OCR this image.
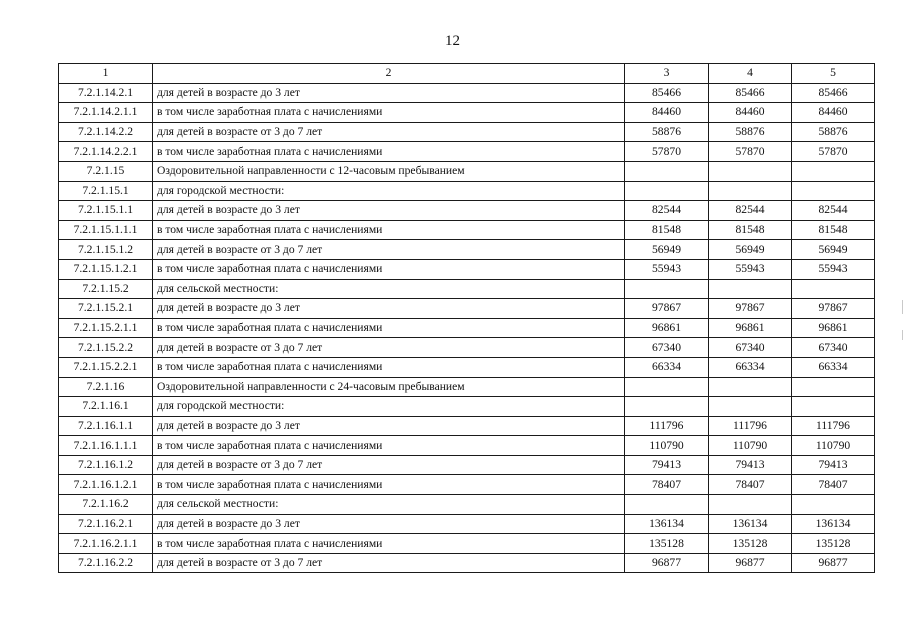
12
1	2	3	4	5
7.2.1.14.2.1	для детей в возрасте до 3 лет	85466	85466	85466
7.2.1.14.2.1.1	в том числе заработная плата с начислениями	84460	84460	84460
7.2.1.14.2.2	для детей в возрасте от 3 до 7 лет	58876	58876	58876
7.2.1.14.2.2.1	в том числе заработная плата с начислениями	57870	57870	57870
7.2.1.15	Оздоровительной направленности с 12-часовым пребыванием			
7.2.1.15.1	для городской местности:			
7.2.1.15.1.1	для детей в возрасте до 3 лет	82544	82544	82544
7.2.1.15.1.1.1	в том числе заработная плата с начислениями	81548	81548	81548
7.2.1.15.1.2	для детей в возрасте от 3 до 7 лет	56949	56949	56949
7.2.1.15.1.2.1	в том числе заработная плата с начислениями	55943	55943	55943
7.2.1.15.2	для сельской местности:			
7.2.1.15.2.1	для детей в возрасте до 3 лет	97867	97867	97867
7.2.1.15.2.1.1	в том числе заработная плата с начислениями	96861	96861	96861
7.2.1.15.2.2	для детей в возрасте от 3 до 7 лет	67340	67340	67340
7.2.1.15.2.2.1	в том числе заработная плата с начислениями	66334	66334	66334
7.2.1.16	Оздоровительной направленности с 24-часовым пребыванием			
7.2.1.16.1	для городской местности:			
7.2.1.16.1.1	для детей в возрасте до 3 лет	111796	111796	111796
7.2.1.16.1.1.1	в том числе заработная плата с начислениями	110790	110790	110790
7.2.1.16.1.2	для детей в возрасте от 3 до 7 лет	79413	79413	79413
7.2.1.16.1.2.1	в том числе заработная плата с начислениями	78407	78407	78407
7.2.1.16.2	для сельской местности:			
7.2.1.16.2.1	для детей в возрасте до 3 лет	136134	136134	136134
7.2.1.16.2.1.1	в том числе заработная плата с начислениями	135128	135128	135128
7.2.1.16.2.2	для детей в возрасте от 3 до 7 лет	96877	96877	96877
